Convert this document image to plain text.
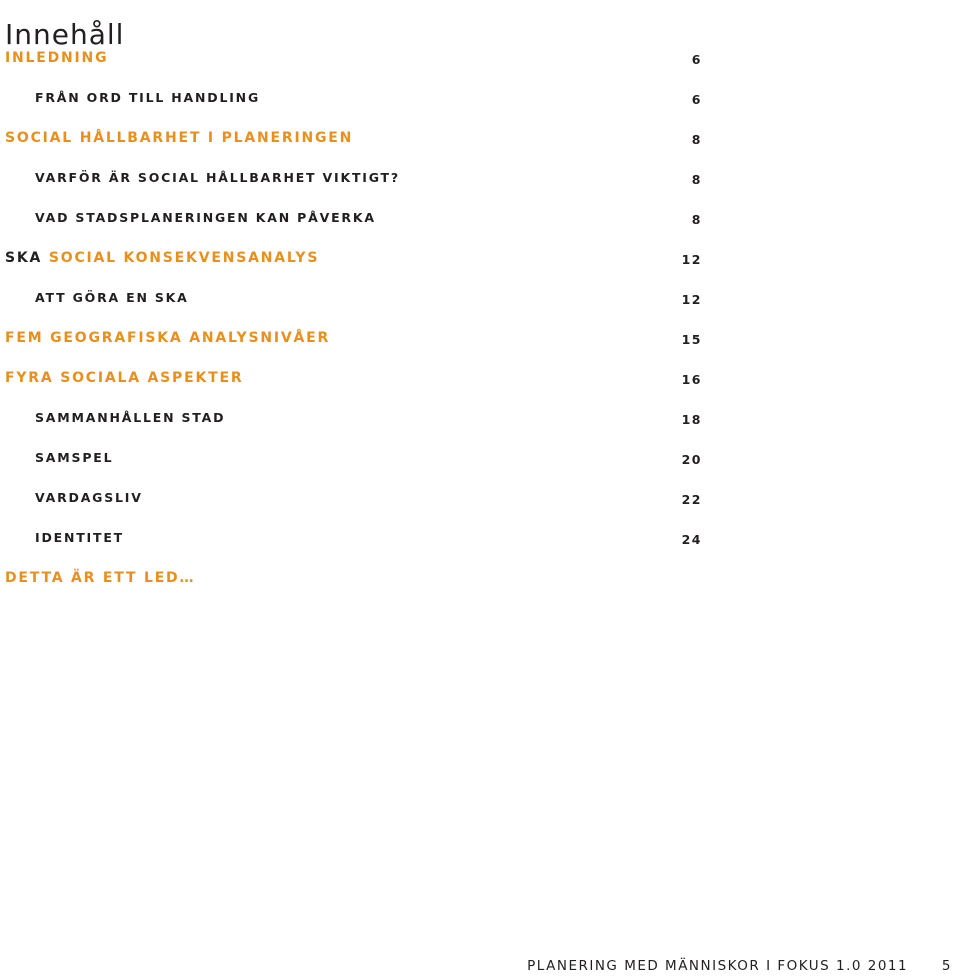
Innehåll
INLEDNING	6
FRÅN ORD TILL HANDLING	6
SOCIAL HÅLLBARHET I PLANERINGEN	8
VARFÖR ÄR SOCIAL HÅLLBARHET VIKTIGT?	8
VAD STADSPLANERINGEN KAN PÅVERKA	8
SKA SOCIAL KONSEKVENSANALYS	12
ATT GÖRA EN SKA	12
FEM GEOGRAFISKA ANALYSNIVÅER	15
FYRA SOCIALA ASPEKTER	16
SAMMANHÅLLEN STAD	18
SAMSPEL	20
VARDAGSLIV	22
IDENTITET	24
DETTA ÄR ETT LED…
PLANERING MED MÄNNISKOR I FOKUS 1.0 2011	5
